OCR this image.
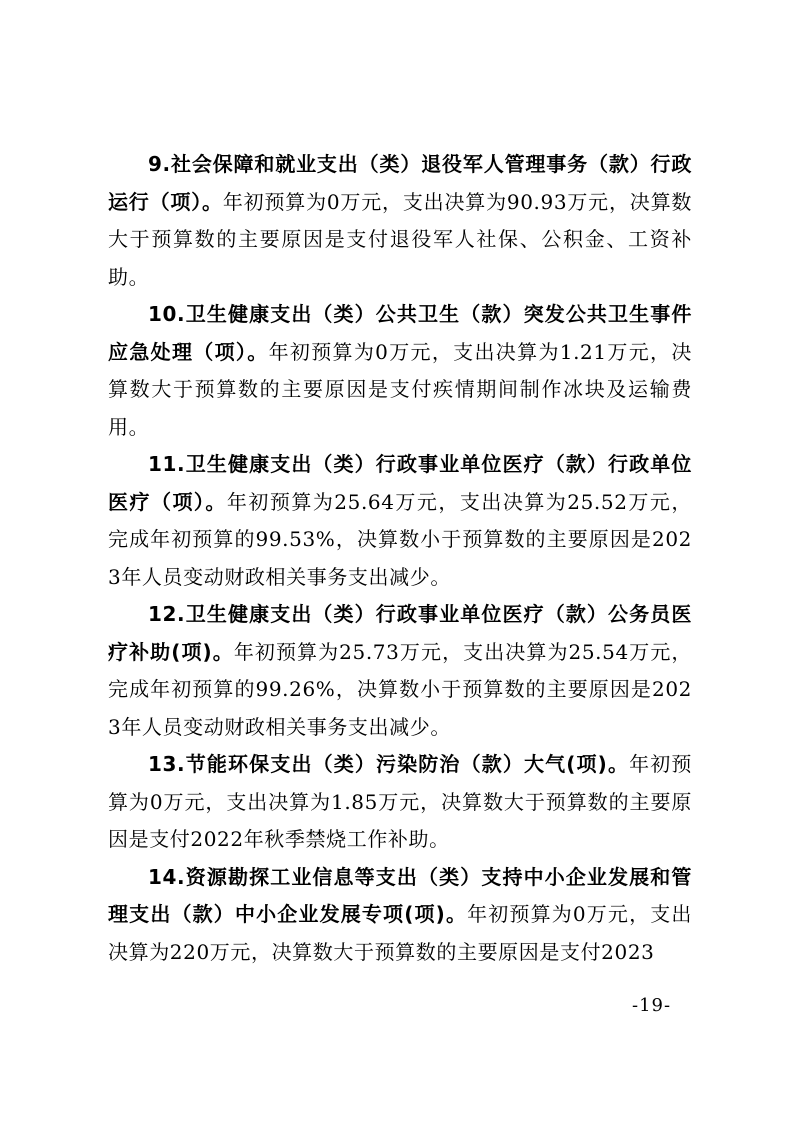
9.社会保障和就业支出（类）退役军人管理事务（款）行政运行（项）。年初预算为0万元，支出决算为90.93万元，决算数大于预算数的主要原因是支付退役军人社保、公积金、工资补助。

10.卫生健康支出（类）公共卫生（款）突发公共卫生事件应急处理（项）。年初预算为0万元，支出决算为1.21万元，决算数大于预算数的主要原因是支付疾情期间制作冰块及运输费用。

11.卫生健康支出（类）行政事业单位医疗（款）行政单位医疗（项）。年初预算为25.64万元，支出决算为25.52万元，完成年初预算的99.53%，决算数小于预算数的主要原因是2023年人员变动财政相关事务支出减少。

12.卫生健康支出（类）行政事业单位医疗（款）公务员医疗补助(项)。年初预算为25.73万元，支出决算为25.54万元，完成年初预算的99.26%，决算数小于预算数的主要原因是2023年人员变动财政相关事务支出减少。

13.节能环保支出（类）污染防治（款）大气(项)。年初预算为0万元，支出决算为1.85万元，决算数大于预算数的主要原因是支付2022年秋季禁烧工作补助。

14.资源勘探工业信息等支出（类）支持中小企业发展和管理支出（款）中小企业发展专项(项)。年初预算为0万元，支出决算为220万元，决算数大于预算数的主要原因是支付2023

-19-
